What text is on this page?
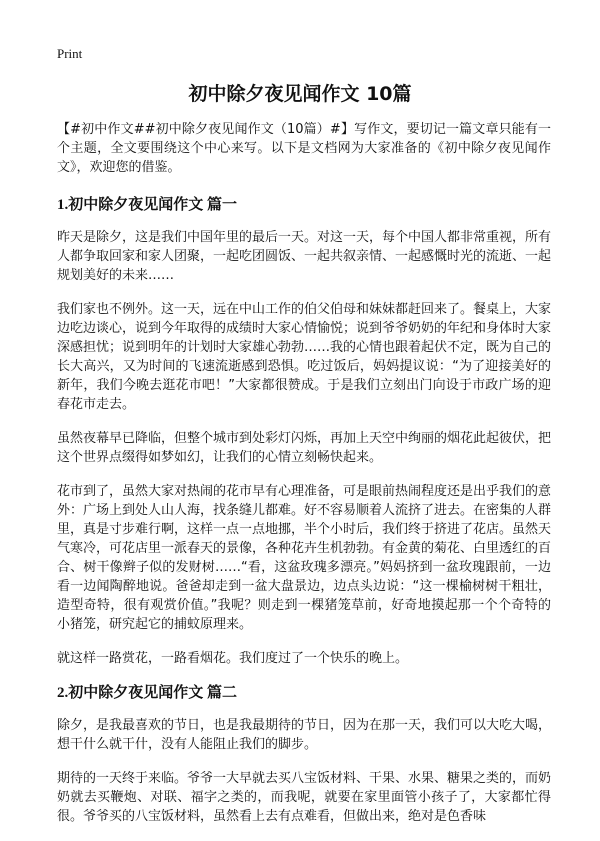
Print
初中除夕夜见闻作文 10篇

【#初中作文##初中除夕夜见闻作文（10篇）#】写作文，要切记一篇文章只能有一个主题，全文要围绕这个中心来写。以下是文档网为大家准备的《初中除夕夜见闻作文》，欢迎您的借鉴。

1.初中除夕夜见闻作文 篇一

昨天是除夕，这是我们中国年里的最后一天。对这一天，每个中国人都非常重视，所有人都争取回家和家人团聚，一起吃团圆饭、一起共叙亲情、一起感慨时光的流逝、一起规划美好的未来……

我们家也不例外。这一天，远在中山工作的伯父伯母和妹妹都赶回来了。餐桌上，大家边吃边谈心，说到今年取得的成绩时大家心情愉悦；说到爷爷奶奶的年纪和身体时大家深感担忧；说到明年的计划时大家雄心勃勃……我的心情也跟着起伏不定，既为自己的长大高兴，又为时间的飞速流逝感到恐惧。吃过饭后，妈妈提议说：“为了迎接美好的新年，我们今晚去逛花市吧！”大家都很赞成。于是我们立刻出门向设于市政广场的迎春花市走去。

虽然夜幕早已降临，但整个城市到处彩灯闪烁，再加上天空中绚丽的烟花此起彼伏，把这个世界点缀得如梦如幻，让我们的心情立刻畅快起来。

花市到了，虽然大家对热闹的花市早有心理准备，可是眼前热闹程度还是出乎我们的意外：广场上到处人山人海，找条缝儿都难。好不容易顺着人流挤了进去。在密集的人群里，真是寸步难行啊，这样一点一点地挪，半个小时后，我们终于挤进了花店。虽然天气寒冷，可花店里一派春天的景像，各种花卉生机勃勃。有金黄的菊花、白里透红的百合、树干像辫子似的发财树……“看，这盆玫瑰多漂亮。”妈妈挤到一盆玫瑰跟前，一边看一边闻陶醉地说。爸爸却走到一盆大盘景边，边点头边说：“这一棵榆树树干粗壮，造型奇特，很有观赏价值。”我呢？则走到一棵猪笼草前，好奇地摸起那一个个奇特的小猪笼，研究起它的捕蚊原理来。

就这样一路赏花，一路看烟花。我们度过了一个快乐的晚上。

2.初中除夕夜见闻作文 篇二

除夕，是我最喜欢的节日，也是我最期待的节日，因为在那一天，我们可以大吃大喝，想干什么就干什，没有人能阻止我们的脚步。

期待的一天终于来临。爷爷一大早就去买八宝饭材料、干果、水果、糖果之类的，而奶奶就去买鞭炮、对联、福字之类的，而我呢，就要在家里面管小孩子了，大家都忙得很。爷爷买的八宝饭材料，虽然看上去有点难看，但做出来，绝对是色香味
